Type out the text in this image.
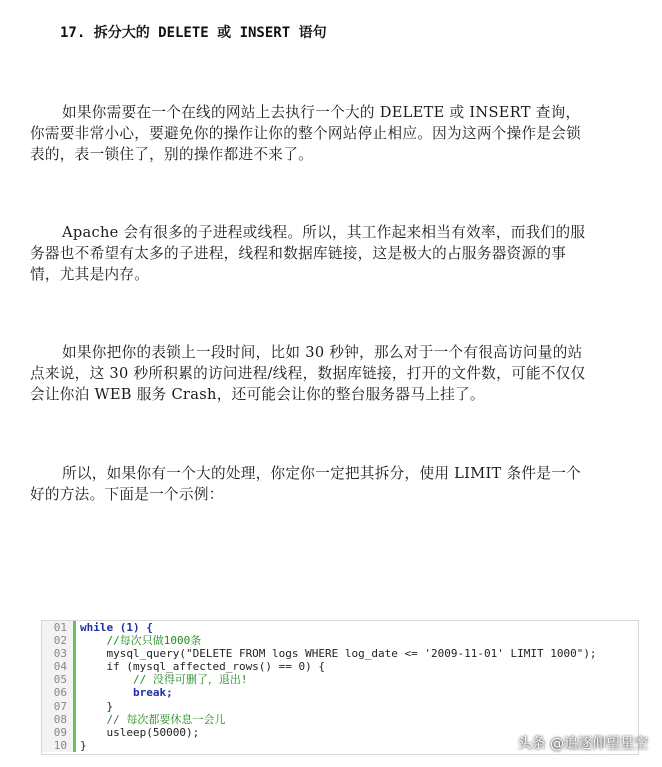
17. 拆分大的 DELETE 或 INSERT 语句

如果你需要在一个在线的网站上去执行一个大的 DELETE 或 INSERT 查询，你需要非常小心，要避免你的操作让你的整个网站停止相应。因为这两个操作是会锁表的，表一锁住了，别的操作都进不来了。

Apache 会有很多的子进程或线程。所以，其工作起来相当有效率，而我们的服务器也不希望有太多的子进程，线程和数据库链接，这是极大的占服务器资源的事情，尤其是内存。

如果你把你的表锁上一段时间，比如 30 秒钟，那么对于一个有很高访问量的站点来说，这 30 秒所积累的访问进程/线程，数据库链接，打开的文件数，可能不仅仅会让你泊 WEB 服务 Crash，还可能会让你的整台服务器马上挂了。

所以，如果你有一个大的处理，你定你一定把其拆分，使用 LIMIT 条件是一个好的方法。下面是一个示例：

01	while (1) {
02	//每次只做1000条
03	mysql_query("DELETE FROM logs WHERE log_date <= '2009-11-01' LIMIT 1000");
04	if (mysql_affected_rows() == 0) {
05	// 没得可删了，退出!
06	break;
07	}
08	// 每次都要休息一会儿
09	usleep(50000);
10	}	头条 @追逐仰望星空
